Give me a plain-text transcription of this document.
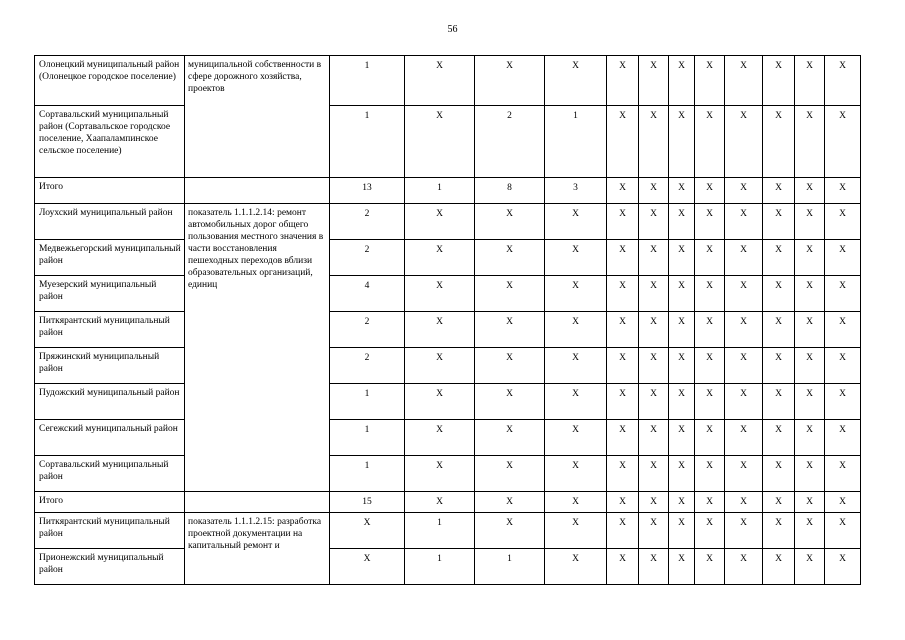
56
Олонецкий муниципальный район (Олонецкое городское поселение)	муниципальной собственности в сфере дорожного хозяйства, проектов	1	X	X	X	X	X	X	X	X	X	X	X
Сортавальский муниципальный район (Сортавальское городское поселение, Хаапалампинское сельское поселение)		1	X	2	1	X	X	X	X	X	X	X	X
Итого		13	1	8	3	X	X	X	X	X	X	X	X
Лоухский муниципальный район	показатель 1.1.1.2.14: ремонт автомобильных дорог общего пользования местного значения в части восстановления пешеходных переходов вблизи образовательных организаций, единиц	2	X	X	X	X	X	X	X	X	X	X	X
Медвежьегорский муниципальный район		2	X	X	X	X	X	X	X	X	X	X	X
Муезерский муниципальный район		4	X	X	X	X	X	X	X	X	X	X	X
Питкярантский муниципальный район		2	X	X	X	X	X	X	X	X	X	X	X
Пряжинский муниципальный район		2	X	X	X	X	X	X	X	X	X	X	X
Пудожский муниципальный район		1	X	X	X	X	X	X	X	X	X	X	X
Сегежский муниципальный район		1	X	X	X	X	X	X	X	X	X	X	X
Сортавальский муниципальный район		1	X	X	X	X	X	X	X	X	X	X	X
Итого		15	X	X	X	X	X	X	X	X	X	X	X
Питкярантский муниципальный район	показатель 1.1.1.2.15: разработка проектной документации на капитальный ремонт и	X	1	X	X	X	X	X	X	X	X	X	X
Прионежский муниципальный район		X	1	1	X	X	X	X	X	X	X	X	X
